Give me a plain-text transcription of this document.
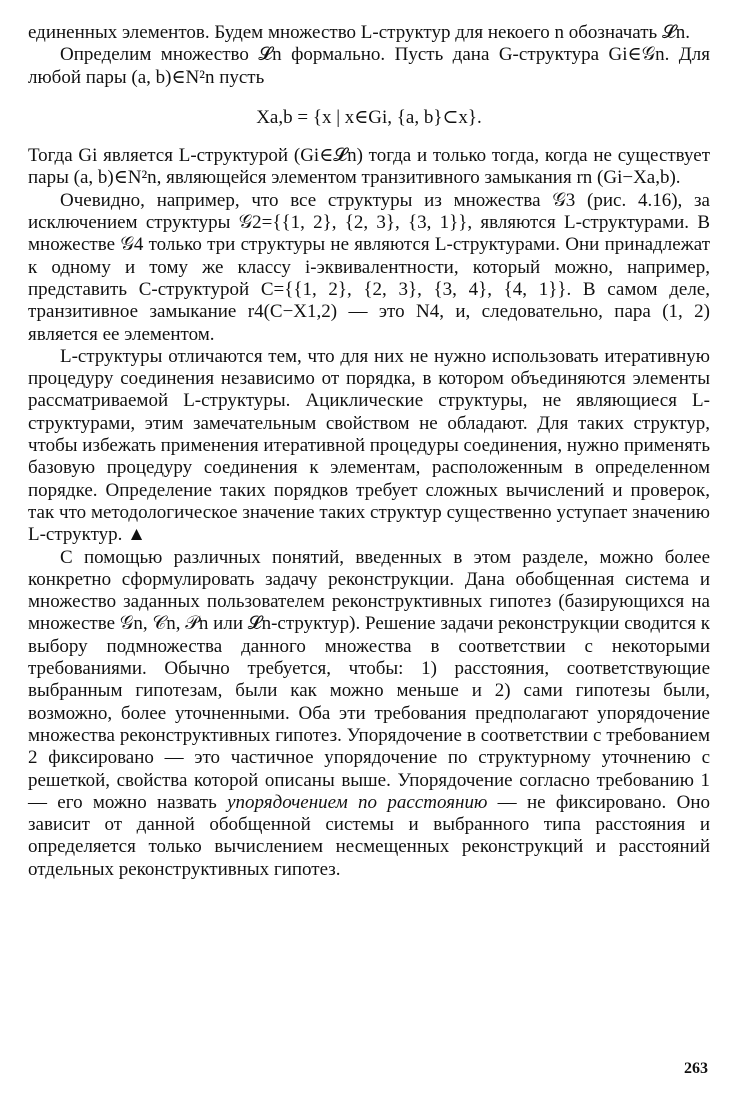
единенных элементов. Будем множество L-структур для некоего n обозначать 𝓛n.

Определим множество 𝓛n формально. Пусть дана G-структура Gi∈𝒢n. Для любой пары (a, b)∈N²n пусть

Xa,b = {x | x∈Gi, {a, b}⊂x}.

Тогда Gi является L-структурой (Gi∈𝓛n) тогда и только тогда, когда не существует пары (a, b)∈N²n, являющейся элементом транзитивного замыкания rn (Gi−Xa,b).

Очевидно, например, что все структуры из множества 𝒢3 (рис. 4.16), за исключением структуры 𝒢2={{1, 2}, {2, 3}, {3, 1}}, являются L-структурами. В множестве 𝒢4 только три структуры не являются L-структурами. Они принадлежат к одному и тому же классу i-эквивалентности, который можно, например, представить C-структурой C={{1, 2}, {2, 3}, {3, 4}, {4, 1}}. В самом деле, транзитивное замыкание r4(C−X1,2) — это N4, и, следовательно, пара (1, 2) является ее элементом.

L-структуры отличаются тем, что для них не нужно использовать итеративную процедуру соединения независимо от порядка, в котором объединяются элементы рассматриваемой L-структуры. Ациклические структуры, не являющиеся L-структурами, этим замечательным свойством не обладают. Для таких структур, чтобы избежать применения итеративной процедуры соединения, нужно применять базовую процедуру соединения к элементам, расположенным в определенном порядке. Определение таких порядков требует сложных вычислений и проверок, так что методологическое значение таких структур существенно уступает значению L-структур. ▲

С помощью различных понятий, введенных в этом разделе, можно более конкретно сформулировать задачу реконструкции. Дана обобщенная система и множество заданных пользователем реконструктивных гипотез (базирующихся на множестве 𝒢n, 𝒞n, 𝒫n или 𝓛n-структур). Решение задачи реконструкции сводится к выбору подмножества данного множества в соответствии с некоторыми требованиями. Обычно требуется, чтобы: 1) расстояния, соответствующие выбранным гипотезам, были как можно меньше и 2) сами гипотезы были, возможно, более уточненными. Оба эти требования предполагают упорядочение множества реконструктивных гипотез. Упорядочение в соответствии с требованием 2 фиксировано — это частичное упорядочение по структурному уточнению с решеткой, свойства которой описаны выше. Упорядочение согласно требованию 1 — его можно назвать упорядочением по расстоянию — не фиксировано. Оно зависит от данной обобщенной системы и выбранного типа расстояния и определяется только вычислением несмещенных реконструкций и расстояний отдельных реконструктивных гипотез.

263
